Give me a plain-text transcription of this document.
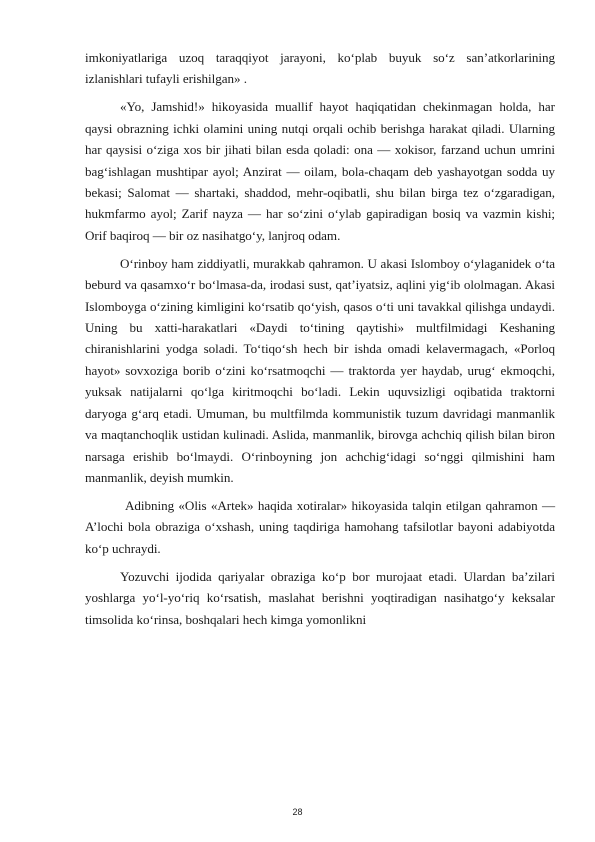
imkoniyatlariga uzoq taraqqiyot jarayoni, ko‘plab buyuk so‘z san’atkorlarining izlanishlari tufayli erishilgan» .

«Yo, Jamshid!» hikoyasida muallif hayot haqiqatidan chekinmagan holda, har qaysi obrazning ichki olamini uning nutqi orqali ochib berishga harakat qiladi. Ularning har qaysisi o‘ziga xos bir jihati bilan esda qoladi: ona — xokisor, farzand uchun umrini bag‘ishlagan mushtipar ayol; Anzirat — oilam, bola-chaqam deb yashayotgan sodda uy bekasi; Salomat — shartaki, shaddod, mehr-oqibatli, shu bilan birga tez o‘zgaradigan, hukmfarmo ayol; Zarif nayza — har so‘zini o‘ylab gapiradigan bosiq va vazmin kishi; Orif baqiroq — bir oz nasihatgo‘y, lanjroq odam.

O‘rinboy ham ziddiyatli, murakkab qahramon. U akasi Islomboy o‘ylaganidek o‘ta beburd va qasamxo‘r bo‘lmasa-da, irodasi sust, qat’iyatsiz, aqlini yig‘ib ololmagan. Akasi Islomboyga o‘zining kimligini ko‘rsatib qo‘yish, qasos o‘ti uni tavakkal qilishga undaydi. Uning bu xatti-harakatlari «Daydi to‘tining qaytishi» multfilmidagi Keshaning chiranishlarini yodga soladi. To‘tiqo‘sh hech bir ishda omadi kelavermagach, «Porloq hayot» sovxoziga borib o‘zini ko‘rsatmoqchi — traktorda yer haydab, urug‘ ekmoqchi, yuksak natijalarni qo‘lga kiritmoqchi bo‘ladi. Lekin uquvsizligi oqibatida traktorni daryoga g‘arq etadi. Umuman, bu multfilmda kommunistik tuzum davridagi manmanlik va maqtanchoqlik ustidan kulinadi. Aslida, manmanlik, birovga achchiq qilish bilan biron narsaga erishib bo‘lmaydi. O‘rinboyning jon achchig‘idagi so‘nggi qilmishini ham manmanlik, deyish mumkin.

Adibning «Olis «Artek» haqida xotiralar» hikoyasida talqin etilgan qahramon — A’lochi bola obraziga o‘xshash, uning taqdiriga hamohang tafsilotlar bayoni adabiyotda ko‘p uchraydi.

Yozuvchi ijodida qariyalar obraziga ko‘p bor murojaat etadi. Ulardan ba’zilari yoshlarga yo‘l-yo‘riq ko‘rsatish, maslahat berishni yoqtiradigan nasihatgo‘y keksalar timsolida ko‘rinsa, boshqalari hech kimga yomonlikni

28
